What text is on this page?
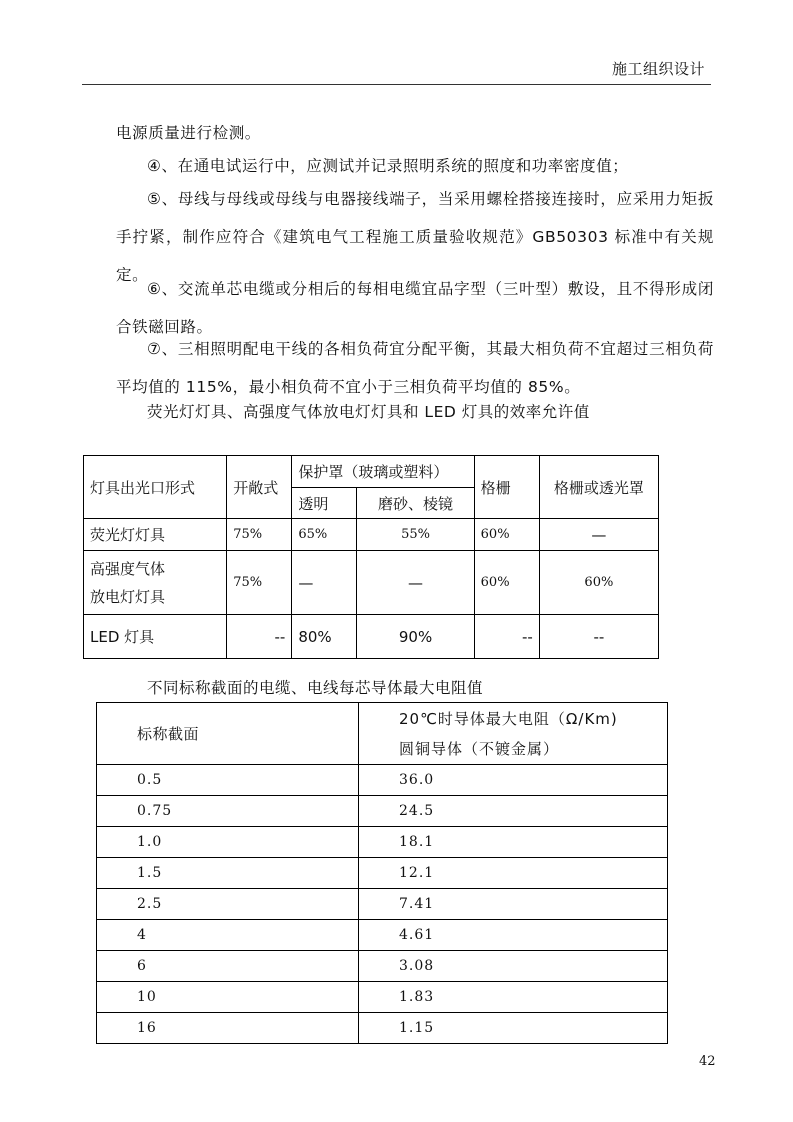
施工组织设计

电源质量进行检测。

④、在通电试运行中，应测试并记录照明系统的照度和功率密度值；

⑤、母线与母线或母线与电器接线端子，当采用螺栓搭接连接时，应采用力矩扳手拧紧，制作应符合《建筑电气工程施工质量验收规范》GB50303 标准中有关规定。

⑥、交流单芯电缆或分相后的每相电缆宜品字型（三叶型）敷设，且不得形成闭合铁磁回路。

⑦、三相照明配电干线的各相负荷宜分配平衡，其最大相负荷不宜超过三相负荷平均值的 115%，最小相负荷不宜小于三相负荷平均值的 85%。

荧光灯灯具、高强度气体放电灯灯具和 LED 灯具的效率允许值
灯具出光口形式	开敞式	保护罩（玻璃或塑料）		格栅	格栅或透光罩
		透明	磨砂、棱镜		
荧光灯灯具	75%	65%	55%	60%	—

高强度气体
放电灯灯具	75%	—	—	60%	60%
LED 灯具	--	80%	90%	--	--
不同标称截面的电缆、电线每芯导体最大电阻值
标称截面	20℃时导体最大电阻（Ω/Km)
圆铜导体（不镀金属）

0.5	36.0
0.75	24.5
1.0	18.1
1.5	12.1
2.5	7.41
4	4.61
6	3.08
10	1.83
16	1.15
42
